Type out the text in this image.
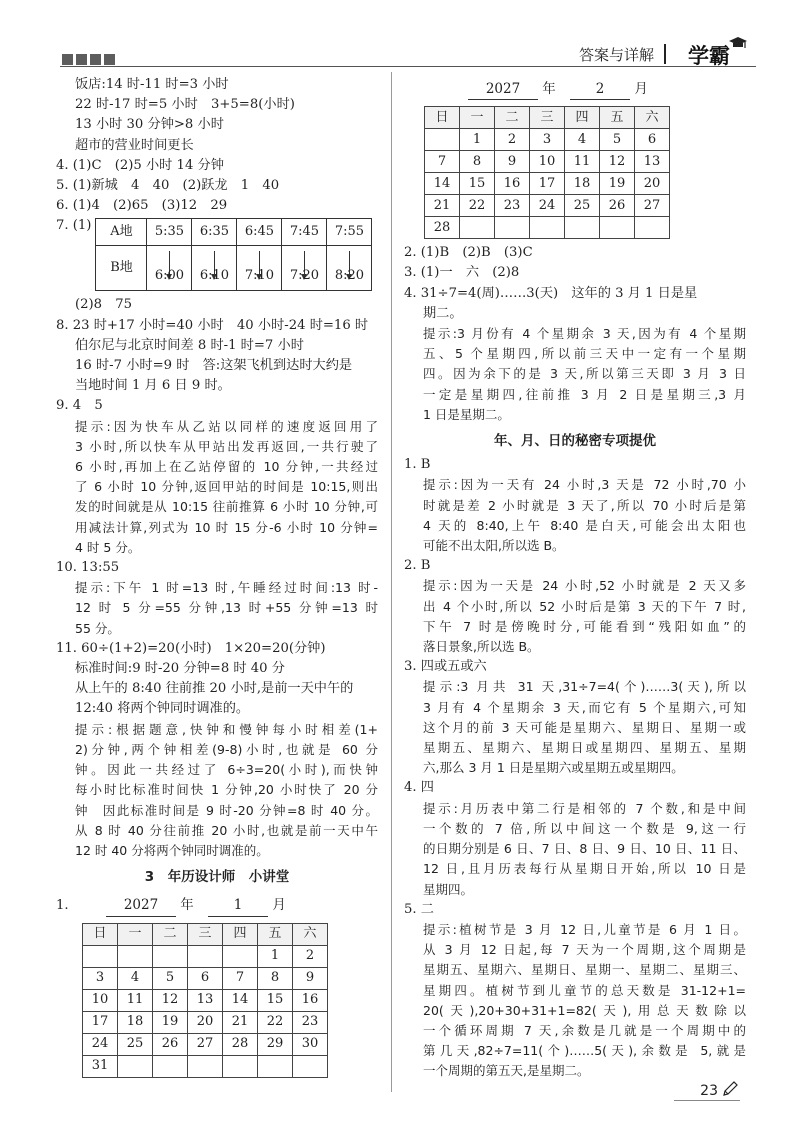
答案与详解 学霸
饭店:14 时-11 时=3 小时
22 时-17 时=5 小时　3+5=8(小时)
13 小时 30 分钟>8 小时
超市的营业时间更长
4. (1)C　(2)5 小时 14 分钟
5. (1)新城　4　40　(2)跃龙　1　40
6. (1)4　(2)65　(3)12　29
7. (1) A地	5:35	6:35	6:45	7:45	7:55

B地	6:00	6:10	7:10	7:20	8:20
(2)8　75
8. 23 时+17 小时=40 小时　40 小时-24 时=16 时
伯尔尼与北京时间差 8 时-1 时=7 小时
16 时-7 小时=9 时　答:这架飞机到达时大约是
当地时间 1 月 6 日 9 时。
9. 4　5
提示:因为快车从乙站以同样的速度返回用了
3 小时,所以快车从甲站出发再返回,一共行驶了
6 小时,再加上在乙站停留的 10 分钟,一共经过
了 6 小时 10 分钟,返回甲站的时间是 10:15,则出
发的时间就是从 10:15 往前推算 6 小时 10 分钟,可
用减法计算,列式为 10 时 15 分-6 小时 10 分钟=
4 时 5 分。
10. 13:55
提示:下午 1 时=13 时,午睡经过时间:13 时-
12 时 5 分=55 分钟,13 时+55 分钟=13 时
55 分。
11. 60÷(1+2)=20(小时)　1×20=20(分钟)
标准时间:9 时-20 分钟=8 时 40 分
从上午的 8:40 往前推 20 小时,是前一天中午的
12:40 将两个钟同时调准的。
提示:根据题意,快钟和慢钟每小时相差(1+
2)分钟,两个钟相差(9-8)小时,也就是 60 分
钟。因此一共经过了 6÷3=20(小时),而快钟
每小时比标准时间快 1 分钟,20 小时快了 20 分
钟　因此标准时间是 9 时-20 分钟=8 时 40 分。
从 8 时 40 分往前推 20 小时,也就是前一天中午
12 时 40 分将两个钟同时调准的。
3　年历设计师　小讲堂
1.	2027 年	1 月
日	一	二	三	四	五	六
					1	2
3	4	5	6	7	8	9
10	11	12	13	14	15	16
17	18	19	20	21	22	23
24	25	26	27	28	29	30
31						
2027 年	2 月
日	一	二	三	四	五	六
	1	2	3	4	5	6
7	8	9	10	11	12	13
14	15	16	17	18	19	20
21	22	23	24	25	26	27
28						
2. (1)B　(2)B　(3)C
3. (1)一　六　(2)8
4. 31÷7=4(周)……3(天)　这年的 3 月 1 日是星
期二。
提示:3 月份有 4 个星期余 3 天,因为有 4 个星期
五、5 个星期四,所以前三天中一定有一个星期
四。因为余下的是 3 天,所以第三天即 3 月 3 日
一定是星期四,往前推 3 月 2 日是星期三,3 月
1 日是星期二。
年、月、日的秘密专项提优
1. B
提示:因为一天有 24 小时,3 天是 72 小时,70 小
时就是差 2 小时就是 3 天了,所以 70 小时后是第
4 天的 8:40,上午 8:40 是白天,可能会出太阳也
可能不出太阳,所以选 B。
2. B
提示:因为一天是 24 小时,52 小时就是 2 天又多
出 4 个小时,所以 52 小时后是第 3 天的下午 7 时,
下午 7 时是傍晚时分,可能看到“残阳如血”的
落日景象,所以选 B。
3. 四或五或六
提示:3 月共 31 天,31÷7=4(个)……3(天),所以
3 月有 4 个星期余 3 天,而它有 5 个星期六,可知
这个月的前 3 天可能是星期六、星期日、星期一或
星期五、星期六、星期日或星期四、星期五、星期
六,那么 3 月 1 日是星期六或星期五或星期四。
4. 四
提示:月历表中第二行是相邻的 7 个数,和是中间
一个数的 7 倍,所以中间这一个数是 9,这一行
的日期分别是 6 日、7 日、8 日、9 日、10 日、11 日、
12 日,且月历表每行从星期日开始,所以 10 日是
星期四。
5. 二
提示:植树节是 3 月 12 日,儿童节是 6 月 1 日。
从 3 月 12 日起,每 7 天为一个周期,这个周期是
星期五、星期六、星期日、星期一、星期二、星期三、
星期四。植树节到儿童节的总天数是 31-12+1=
20(天),20+30+31+1=82(天),用总天数除以
一个循环周期 7 天,余数是几就是一个周期中的
第几天,82÷7=11(个)……5(天),余数是 5,就是
一个周期的第五天,是星期二。
23
